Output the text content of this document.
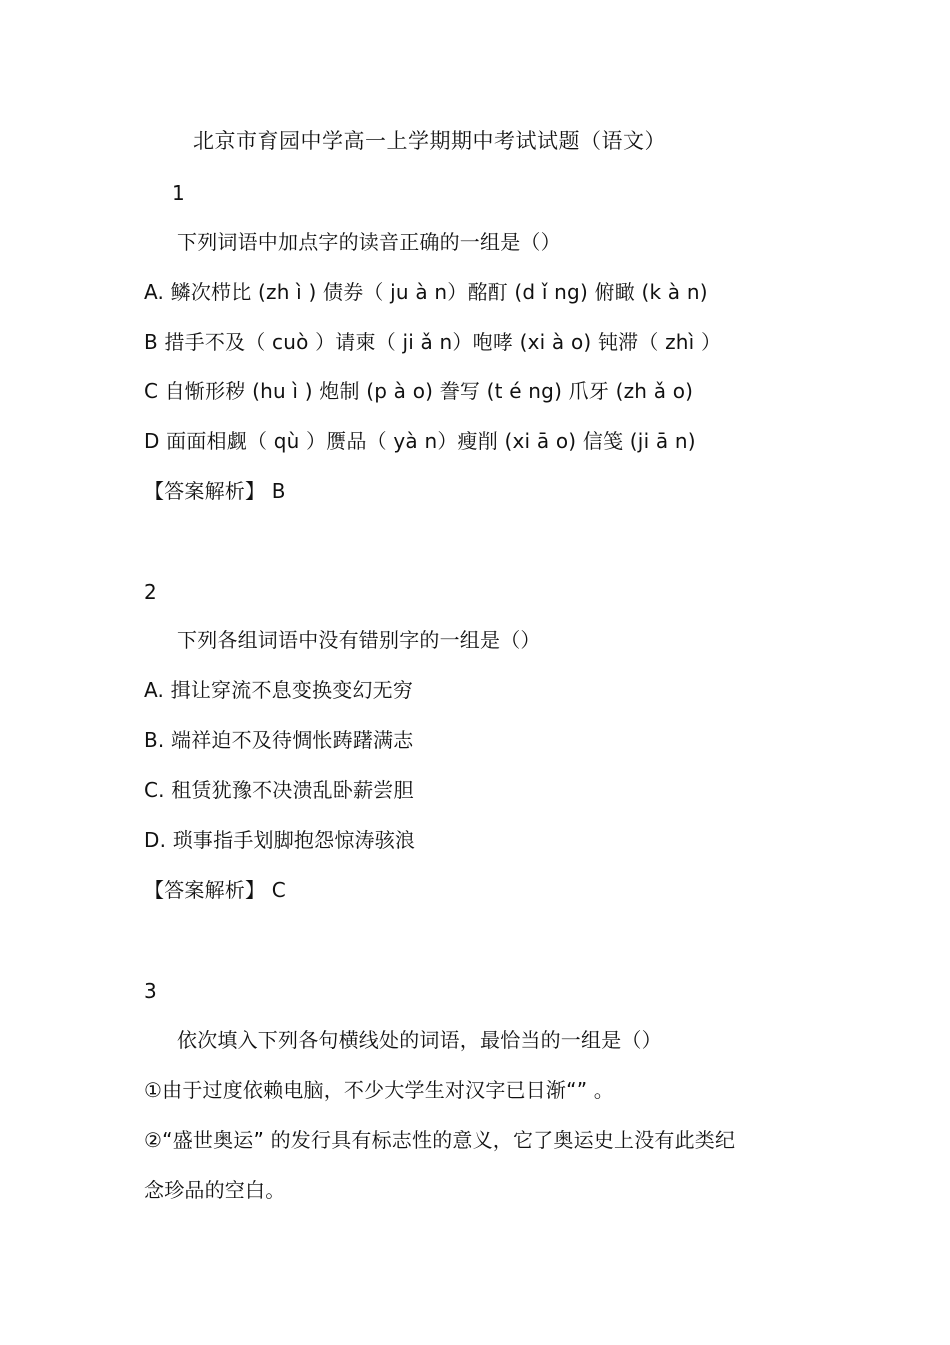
北京市育园中学高一上学期期中考试试题（语文）
1
下列词语中加点字的读音正确的一组是（）
A. 鳞次栉比 (zh ì ) 债券（ ju à n）酩酊 (d ǐ ng) 俯瞰 (k à n)
B 措手不及（ cuò ）请柬（ ji ǎ n）咆哮 (xi à o) 钝滞（ zhì ）
C 自惭形秽 (hu ì ) 炮制 (p à o) 誊写 (t é ng) 爪牙 (zh ǎ o)
D 面面相觑（ qù ）赝品（ yà n）瘦削 (xi ā o) 信笺 (ji ā n)
【答案解析】 B
2
下列各组词语中没有错别字的一组是（）
A. 揖让穿流不息变换变幻无穷
B. 端祥迫不及待惆怅踌躇满志
C. 租赁犹豫不决溃乱卧薪尝胆
D. 琐事指手划脚抱怨惊涛骇浪
【答案解析】 C
3
依次填入下列各句横线处的词语，最恰当的一组是（）
①由于过度依赖电脑，不少大学生对汉字已日渐“” 。
②“盛世奥运” 的发行具有标志性的意义，它了奥运史上没有此类纪
念珍品的空白。
